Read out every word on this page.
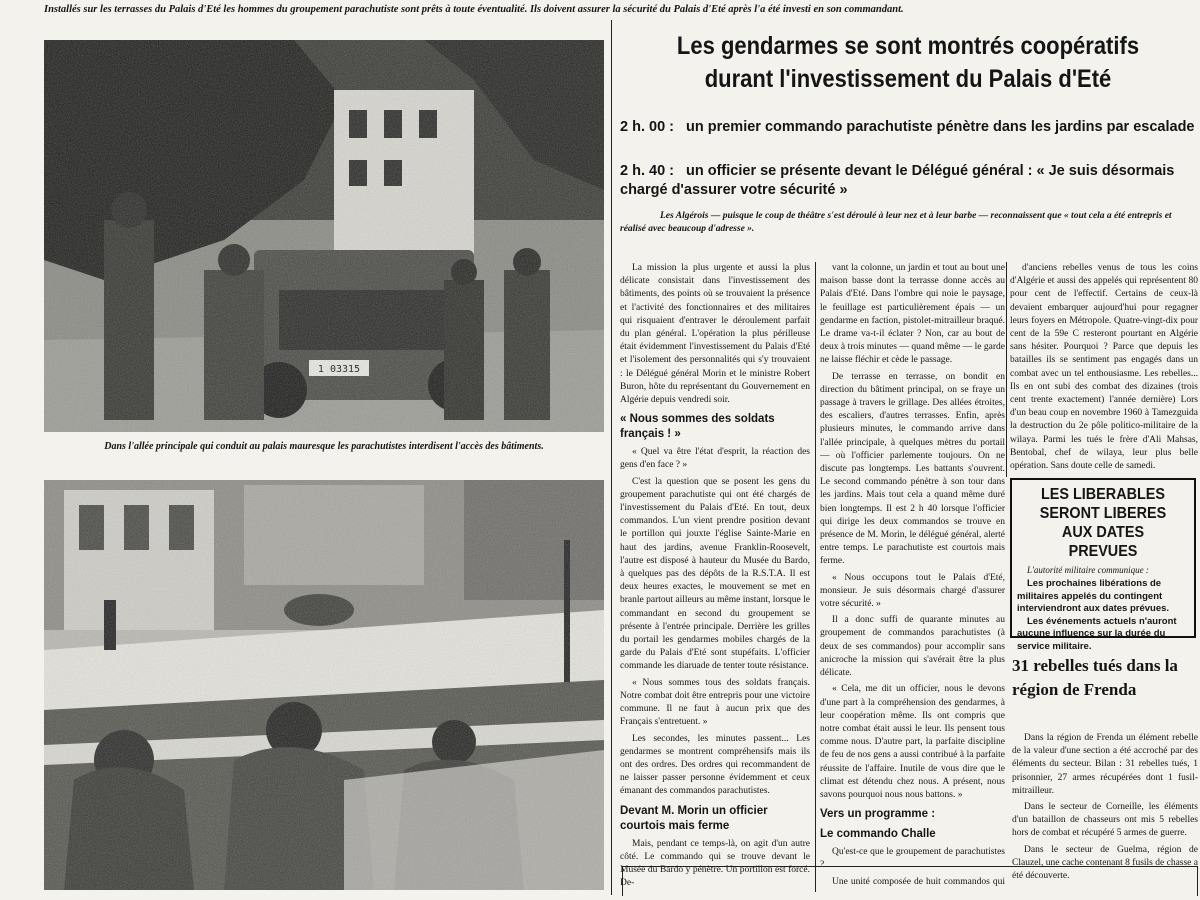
Installés sur les terrasses du Palais d'Eté les hommes du groupement parachutiste sont prêts à toute éventualité. Ils doivent assurer la sécurité du Palais d'Eté après l'a été investi en son commandant.
Dans l'allée principale qui conduit au palais mauresque les parachutistes interdisent l'accès des bâtiments.
Les gendarmes se sont montrés coopératifs
durant l'investissement du Palais d'Eté
2 h. 00 : un premier commando parachutiste pénètre dans les jardins par escalade
2 h. 40 : un officier se présente devant le Délégué général : « Je suis désormais chargé d'assurer votre sécurité »
Les Algérois — puisque le coup de théâtre s'est déroulé à leur nez et à leur barbe — reconnaissent que « tout cela a été entrepris et réalisé avec beaucoup d'adresse ».

La mission la plus urgente et aussi la plus délicate consistait dans l'investissement des bâtiments, des points où se trouvaient la présence et l'activité des fonctionnaires et des militaires qui risquaient d'entraver le déroulement parfait du plan général. L'opération la plus périlleuse était évidemment l'investissement du Palais d'Eté et l'isolement des personnalités qui s'y trouvaient : le Délégué général Morin et le ministre Robert Buron, hôte du représentant du Gouvernement en Algérie depuis vendredi soir.

« Nous sommes des soldats français ! »

« Quel va être l'état d'esprit, la réaction des gens d'en face ? »

C'est la question que se posent les gens du groupement parachutiste qui ont été chargés de l'investissement du Palais d'Eté. En tout, deux commandos. L'un vient prendre position devant le portillon qui jouxte l'église Sainte-Marie en haut des jardins, avenue Franklin-Roosevelt, l'autre est disposé à hauteur du Musée du Bardo, à quelques pas des dépôts de la R.S.T.A. Il est deux heures exactes, le mouvement se met en branle partout ailleurs au même instant, lorsque le commandant en second du groupement se présente à l'entrée principale. Derrière les grilles du portail les gendarmes mobiles chargés de la garde du Palais d'Eté sont stupéfaits. L'officier commande les diaruade de tenter toute résistance.

« Nous sommes tous des soldats français. Notre combat doit être entrepris pour une victoire commune. Il ne faut à aucun prix que des Français s'entretuent. »

Les secondes, les minutes passent... Les gendarmes se montrent compréhensifs mais ils ont des ordres. Des ordres qui recommandent de ne laisser passer personne évidemment et ceux émanant des commandos parachutistes.

Devant M. Morin un officier courtois mais ferme

Mais, pendant ce temps-là, on agit d'un autre côté. Le commando qui se trouve devant le Musée du Bardo y pénètre. Un portillon est forcé. De-

vant la colonne, un jardin et tout au bout une maison basse dont la terrasse donne accès au Palais d'Eté. Dans l'ombre qui noie le paysage, le feuillage est particulièrement épais — un gendarme en faction, pistolet-mitrailleur braqué. Le drame va-t-il éclater ? Non, car au bout de deux à trois minutes — quand même — le garde ne laisse fléchir et cède le passage.

De terrasse en terrasse, on bondit en direction du bâtiment principal, on se fraye un passage à travers le grillage. Des allées étroites, des escaliers, d'autres terrasses. Enfin, après plusieurs minutes, le commando arrive dans l'allée principale, à quelques mètres du portail — où l'officier parlemente toujours. On ne discute pas longtemps. Les battants s'ouvrent. Le second commando pénètre à son tour dans les jardins. Mais tout cela a quand même duré bien longtemps. Il est 2 h 40 lorsque l'officier qui dirige les deux commandos se trouve en présence de M. Morin, le délégué général, alerté entre temps. Le parachutiste est courtois mais ferme.

« Nous occupons tout le Palais d'Eté, monsieur. Je suis désormais chargé d'assurer votre sécurité. »

Il a donc suffi de quarante minutes au groupement de commandos parachutistes (à deux de ses commandos) pour accomplir sans anicroche la mission qui s'avérait être la plus délicate.

« Cela, me dit un officier, nous le devons d'une part à la compréhension des gendarmes, à leur coopération même. Ils ont compris que notre combat était aussi le leur. Ils pensent tous comme nous. D'autre part, la parfaite discipline de feu de nos gens a aussi contribué à la parfaite réussite de l'affaire. Inutile de vous dire que le climat est détendu chez nous. A présent, nous savons pourquoi nous nous battons. »

Vers un programme :
Le commando Challe

Qu'est-ce que le groupement de parachutistes ?

Une unité composée de huit commandos qui

d'anciens rebelles venus de tous les coins d'Algérie et aussi des appelés qui représentent 80 pour cent de l'effectif. Certains de ceux-là devaient embarquer aujourd'hui pour regagner leurs foyers en Métropole. Quatre-vingt-dix pour cent de la 59e C resteront pourtant en Algérie sans hésiter. Pourquoi ? Parce que depuis les batailles ils se sentiment pas engagés dans un combat avec un tel enthousiasme. Les rebelles... Ils en ont subi des combat des dizaines (trois cent trente exactement) l'année dernière) Lors d'un beau coup en novembre 1960 à Tamezguida la destruction du 2e pôle politico-militaire de la wilaya. Parmi les tués le frère d'Ali Mahsas, Bentobal, chef de wilaya, leur plus belle opération. Sans doute celle de samedi.

LES LIBERABLES SERONT LIBERES AUX DATES PREVUES
L'autorité militaire communique :

Les prochaines libérations de militaires appelés du contingent interviendront aux dates prévues.

Les événements actuels n'auront aucune influence sur la durée du service militaire.

31 rebelles tués dans la région de Frenda

Dans la région de Frenda un élément rebelle de la valeur d'une section a été accroché par des éléments du secteur. Bilan : 31 rebelles tués, 1 prisonnier, 27 armes récupérées dont 1 fusil-mitrailleur.

Dans le secteur de Corneille, les éléments d'un bataillon de chasseurs ont mis 5 rebelles hors de combat et récupéré 5 armes de guerre.

Dans le secteur de Guelma, région de Clauzel, une cache contenant 8 fusils de chasse a été découverte.
